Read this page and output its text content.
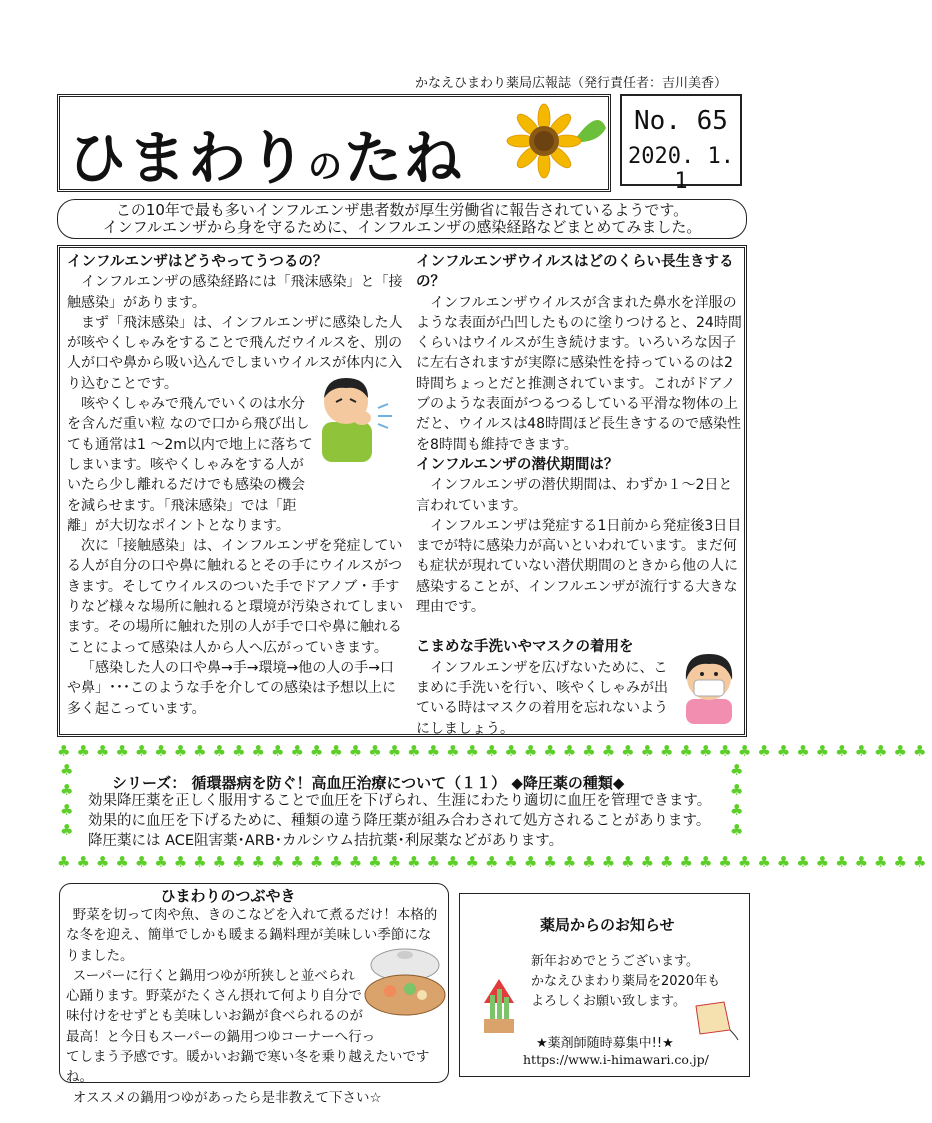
かなえひまわり薬局広報誌（発行責任者：吉川美香）
ひまわりのたね
No. 65
2020. 1. 1
この10年で最も多いインフルエンザ患者数が厚生労働省に報告されているようです。
インフルエンザから身を守るために、インフルエンザの感染経路などまとめてみました。
インフルエンザはどうやってうつるの？

インフルエンザの感染経路には「飛沫感染」と「接触感染」があります。

まず「飛沫感染」は、インフルエンザに感染した人が咳やくしゃみをすることで飛んだウイルスを、別の人が口や鼻から吸い込んでしまいウイルスが体内に入り込むことです。

咳やくしゃみで飛んでいくのは水分を含んだ重い粒 なので口から飛び出しても通常は1 ～2m以内で地上に落ちてしまいます。咳やくしゃみをする人がいたら少し離れるだけでも感染の機会を減らせます。「飛沫感染」では「距離」が大切なポイントとなります。

次に「接触感染」は、インフルエンザを発症している人が自分の口や鼻に触れるとその手にウイルスがつきます。そしてウイルスのついた手でドアノブ・手すりなど様々な場所に触れると環境が汚染されてしまいます。その場所に触れた別の人が手で口や鼻に触れることによって感染は人から人へ広がっていきます。

「感染した人の口や鼻→手→環境→他の人の手→口や鼻」･･･このような手を介しての感染は予想以上に多く起こっています。

インフルエンザウイルスはどのくらい長生きするの？

インフルエンザウイルスが含まれた鼻水を洋服のような表面が凸凹したものに塗りつけると、24時間くらいはウイルスが生き続けます。いろいろな因子に左右されますが実際に感染性を持っているのは2時間ちょっとだと推測されています。これがドアノブのような表面がつるつるしている平滑な物体の上だと、ウイルスは48時間ほど長生きするので感染性を8時間も維持できます。

インフルエンザの潜伏期間は？

インフルエンザの潜伏期間は、わずか１～2日と言われています。

インフルエンザは発症する1日前から発症後3日目までが特に感染力が高いといわれています。まだ何も症状が現れていない潜伏期間のときから他の人に感染することが、インフルエンザが流行する大きな理由です。

こまめな手洗いやマスクの着用を

インフルエンザを広げないために、こまめに手洗いを行い、咳やくしゃみが出ている時はマスクの着用を忘れないようにしましょう。

♣♣♣♣♣♣♣♣♣♣♣♣♣♣♣♣♣♣♣♣♣♣♣♣♣♣♣♣♣♣♣♣♣♣♣♣♣♣♣♣♣♣♣♣♣
♣♣♣♣♣♣♣♣♣♣♣♣♣♣♣♣♣♣♣♣♣♣♣♣♣♣♣♣♣♣♣♣♣♣♣♣♣♣♣♣♣♣♣♣♣
♣
♣
♣
♣
♣
♣
♣
♣
シリーズ： 循環器病を防ぐ！高血圧治療について（１１） ◆降圧薬の種類◆
効果降圧薬を正しく服用することで血圧を下げられ、生涯にわたり適切に血圧を管理できます。
効果的に血圧を下げるために、種類の違う降圧薬が組み合わされて処方されることがあります。
降圧薬には ACE阻害薬･ARB･カルシウム拮抗薬･利尿薬などがあります。
ひまわりのつぶやき

野菜を切って肉や魚、きのこなどを入れて煮るだけ！本格的な冬を迎え、簡単でしかも暖まる鍋料理が美味しい季節になりました。

スーパーに行くと鍋用つゆが所狭しと並べられ
心踊ります。野菜がたくさん摂れて何より自分で
味付けをせずとも美味しいお鍋が食べられるのが
最高！と今日もスーパーの鍋用つゆコーナーへ行っ
てしまう予感です。暖かいお鍋で寒い冬を乗り越えたいですね。

オススメの鍋用つゆがあったら是非教えて下さい☆

薬局からのお知らせ
新年おめでとうございます。
かなえひまわり薬局を2020年も
よろしくお願い致します。
★薬剤師随時募集中!!★
https://www.i-himawari.co.jp/
